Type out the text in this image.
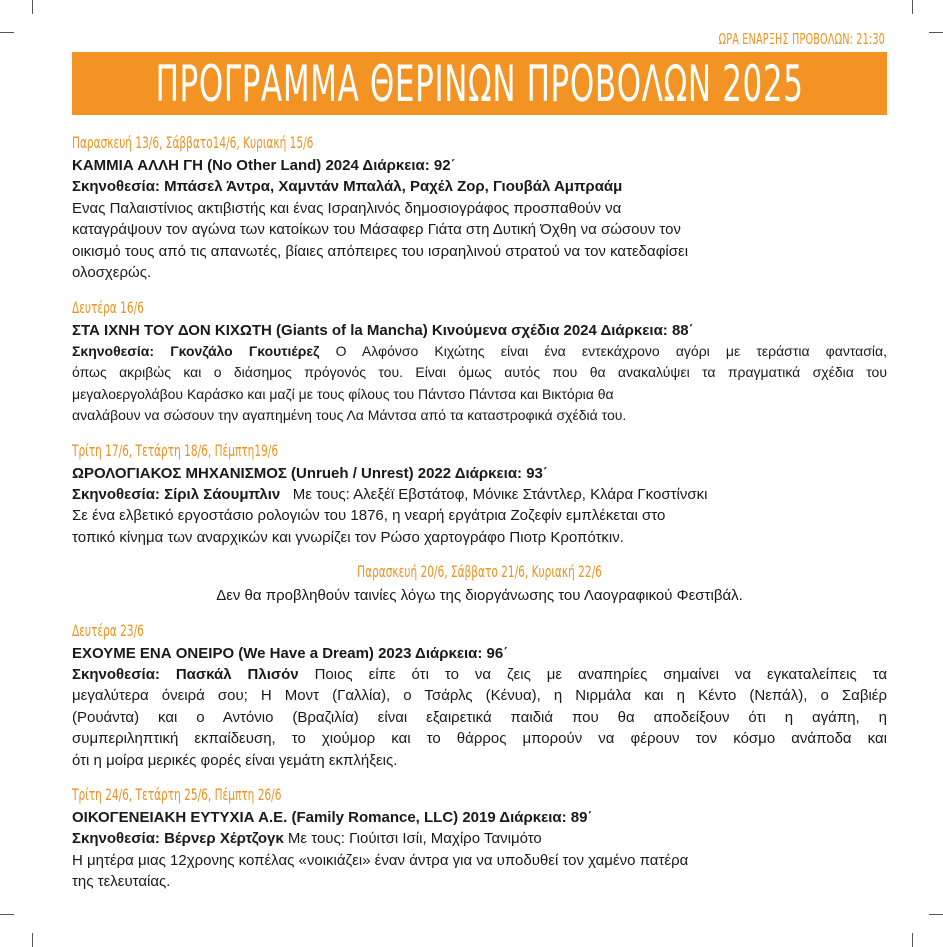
ΩΡΑ ΕΝΑΡΞΗΣ ΠΡΟΒΟΛΩΝ: 21:30
ΠΡΟΓΡΑΜΜΑ ΘΕΡΙΝΩΝ ΠΡΟΒΟΛΩΝ 2025
Παρασκευή 13/6, Σάββατο14/6, Κυριακή 15/6

ΚΑΜΜΙΑ ΑΛΛΗ ΓΗ (No Other Land) 2024 Διάρκεια: 92΄

Σκηνοθεσία: Μπάσελ Άντρα, Χαμντάν Μπαλάλ, Ραχέλ Ζορ, Γιουβάλ Αμπραάμ

Ενας Παλαιστίνιος ακτιβιστής και ένας Ισραηλινός δημοσιογράφος προσπαθούν να
καταγράψουν τον αγώνα των κατοίκων του Μάσαφερ Γιάτα στη Δυτική Όχθη να σώσουν τον
οικισμό τους από τις απανωτές, βίαιες απόπειρες του ισραηλινού στρατού να τον κατεδαφίσει
ολοσχερώς.

Δευτέρα 16/6

ΣΤΑ ΙΧΝΗ ΤΟΥ ΔΟΝ ΚΙΧΩΤΗ (Giants of la Mancha) Κινούμενα σχέδια 2024 Διάρκεια: 88΄

Σκηνοθεσία: Γκονζάλο Γκουτιέρεζ Ο Αλφόνσο Κιχώτης είναι ένα εντεκάχρονο αγόρι με τεράστια φαντασία,
όπως ακριβώς και ο διάσημος πρόγονός του. Είναι όμως αυτός που θα ανακαλύψει τα πραγματικά σχέδια του
μεγαλοεργολάβου Καράσκο και μαζί με τους φίλους του Πάντσο Πάντσα και Βικτόρια θα
αναλάβουν να σώσουν την αγαπημένη τους Λα Μάντσα από τα καταστροφικά σχέδιά του.

Τρίτη 17/6, Τετάρτη 18/6, Πέμπτη19/6

ΩΡΟΛΟΓΙΑΚΟΣ ΜΗΧΑΝΙΣΜΟΣ (Unrueh / Unrest) 2022 Διάρκεια: 93΄

Σκηνοθεσία: Σίριλ Σάουμπλιν Με τους: Αλεξέϊ Εβστάτοφ, Μόνικε Στάντλερ, Κλάρα Γκοστίνσκι

Σε ένα ελβετικό εργοστάσιο ρολογιών του 1876, η νεαρή εργάτρια Ζοζεφίν εμπλέκεται στο
τοπικό κίνημα των αναρχικών και γνωρίζει τον Ρώσο χαρτογράφο Πιοτρ Κροπότκιν.

Παρασκευή 20/6, Σάββατο 21/6, Κυριακή 22/6

Δεν θα προβληθούν ταινίες λόγω της διοργάνωσης του Λαογραφικού Φεστιβάλ.

Δευτέρα 23/6

ΕΧΟΥΜΕ ΕΝΑ ΟΝΕΙΡΟ (We Have a Dream) 2023 Διάρκεια: 96΄

Σκηνοθεσία: Πασκάλ Πλισόν Ποιος είπε ότι το να ζεις με αναπηρίες σημαίνει να εγκαταλείπεις τα
μεγαλύτερα όνειρά σου; Η Μοντ (Γαλλία), ο Τσάρλς (Κένυα), η Νιρμάλα και η Κέντο (Νεπάλ), ο Σαβιέρ
(Ρουάντα) και ο Αντόνιο (Βραζιλία) είναι εξαιρετικά παιδιά που θα αποδείξουν ότι η αγάπη, η
συμπεριληπτική εκπαίδευση, το χιούμορ και το θάρρος μπορούν να φέρουν τον κόσμο ανάποδα και
ότι η μοίρα μερικές φορές είναι γεμάτη εκπλήξεις.

Τρίτη 24/6, Τετάρτη 25/6, Πέμπτη 26/6

ΟΙΚΟΓΕΝΕΙΑΚΗ ΕΥΤΥΧΙΑ Α.Ε. (Family Romance, LLC) 2019 Διάρκεια: 89΄

Σκηνοθεσία: Βέρνερ Χέρτζογκ Με τους: Γιούιτσι Ισίι, Μαχίρο Τανιμότο

Η μητέρα μιας 12χρονης κοπέλας «νοικιάζει» έναν άντρα για να υποδυθεί τον χαμένο πατέρα
της τελευταίας.
